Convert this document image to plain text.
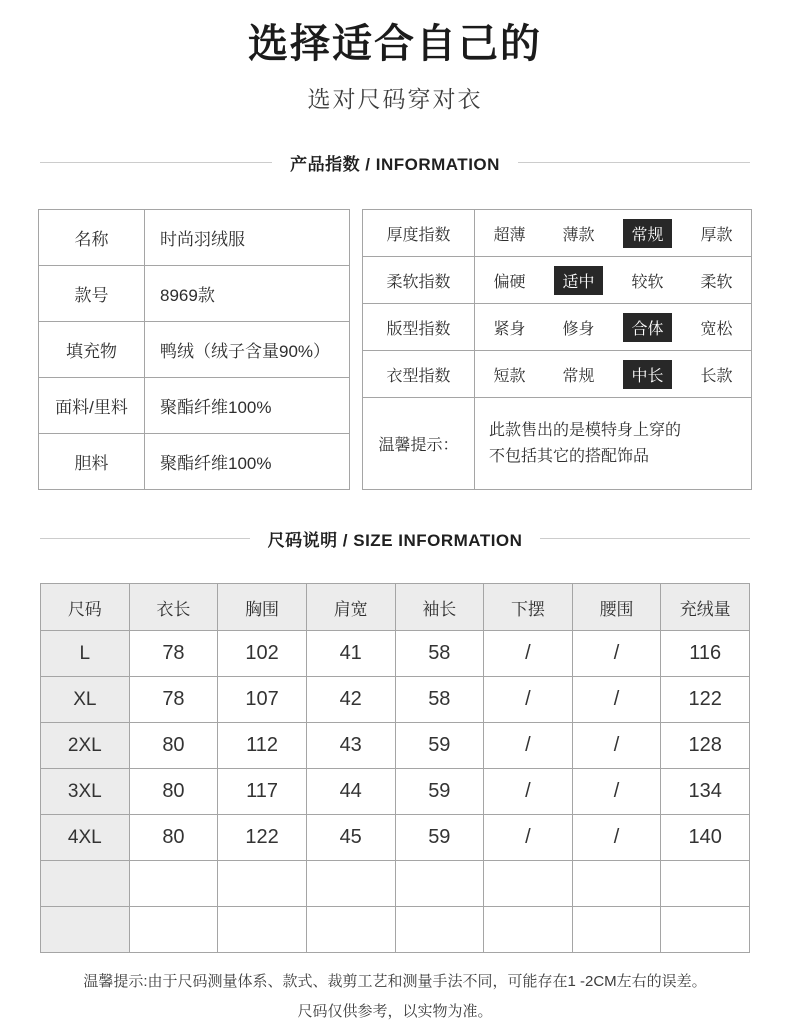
选择适合自己的
选对尺码穿对衣
产品指数 / INFORMATION
名称	时尚羽绒服
款号	8969款
填充物	鸭绒（绒子含量90%）
面料/里料	聚酯纤维100%
胆料	聚酯纤维100%
厚度指数	超薄 薄款 常规 厚款

柔软指数	偏硬 适中 较软 柔软

版型指数	紧身 修身 合体 宽松

衣型指数	短款 常规 中长 长款

温馨提示：	此款售出的是模特身上穿的
不包括其它的搭配饰品
尺码说明 / SIZE INFORMATION
尺码	衣长	胸围	肩宽	袖长	下摆	腰围	充绒量
L	78	102	41	58	/	/	116
XL	78	107	42	58	/	/	122
2XL	80	112	43	59	/	/	128
3XL	80	117	44	59	/	/	134
4XL	80	122	45	59	/	/	140

温馨提示:由于尺码测量体系、款式、裁剪工艺和测量手法不同，可能存在1 -2CM左右的误差。
尺码仅供参考，以实物为准。
